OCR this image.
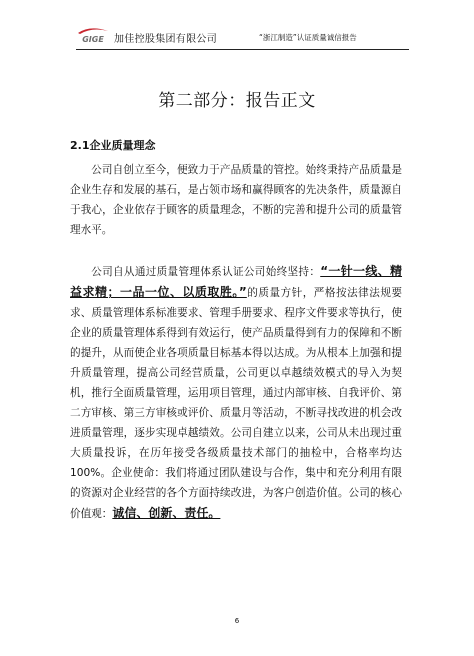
GIGE 加佳控股集团有限公司	“浙江制造”认证质量诚信报告
第二部分：报告正文
2.1企业质量理念

公司自创立至今，便致力于产品质量的管控。始终秉持产品质量是企业生存和发展的基石，是占领市场和赢得顾客的先决条件，质量源自于我心，企业依存于顾客的质量理念，不断的完善和提升公司的质量管理水平。

公司自从通过质量管理体系认证公司始终坚持：“一针一线、精益求精；一品一位、以质取胜。”的质量方针，严格按法律法规要求、质量管理体系标准要求、管理手册要求、程序文件要求等执行，使企业的质量管理体系得到有效运行，使产品质量得到有力的保障和不断的提升，从而使企业各项质量目标基本得以达成。为从根本上加强和提升质量管理，提高公司经营质量，公司更以卓越绩效模式的导入为契机，推行全面质量管理，运用项目管理，通过内部审核、自我评价、第二方审核、第三方审核或评价、质量月等活动，不断寻找改进的机会改进质量管理，逐步实现卓越绩效。公司自建立以来，公司从未出现过重大质量投诉，在历年接受各级质量技术部门的抽检中，合格率均达100%。企业使命：我们将通过团队建设与合作，集中和充分利用有限的资源对企业经营的各个方面持续改进，为客户创造价值。公司的核心价值观：诚信、创新、责任。

6
